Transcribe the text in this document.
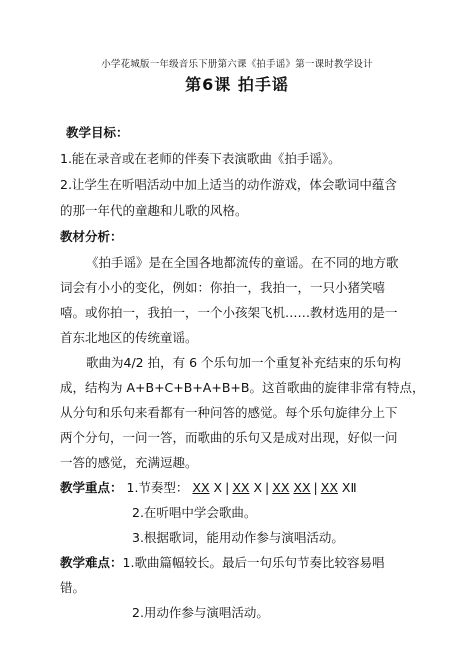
小学花城版一年级音乐下册第六课《拍手谣》第一课时教学设计
第6课 拍手谣
教学目标：
1.能在录音或在老师的伴奏下表演歌曲《拍手谣》。
2.让学生在听唱活动中加上适当的动作游戏，体会歌词中蕴含
的那一年代的童趣和儿歌的风格。
教材分析：
《拍手谣》是在全国各地都流传的童谣。在不同的地方歌
词会有小小的变化，例如：你拍一，我拍一，一只小猪笑嘻
嘻。或你拍一，我拍一，一个小孩架飞机……教材选用的是一
首东北地区的传统童谣。
歌曲为4/2 拍，有 6 个乐句加一个重复补充结束的乐句构
成，结构为 A+B+C+B+A+B+B。这首歌曲的旋律非常有特点，
从分句和乐句来看都有一种问答的感觉。每个乐句旋律分上下
两个分句，一问一答，而歌曲的乐句又是成对出现，好似一问
一答的感觉，充满逗趣。
教学重点： 1.节奏型： XX X | XX X | XX XX | XX XⅡ
2.在听唱中学会歌曲。
3.根据歌词，能用动作参与演唱活动。
教学难点：1.歌曲篇幅较长。最后一句乐句节奏比较容易唱
错。
2.用动作参与演唱活动。
